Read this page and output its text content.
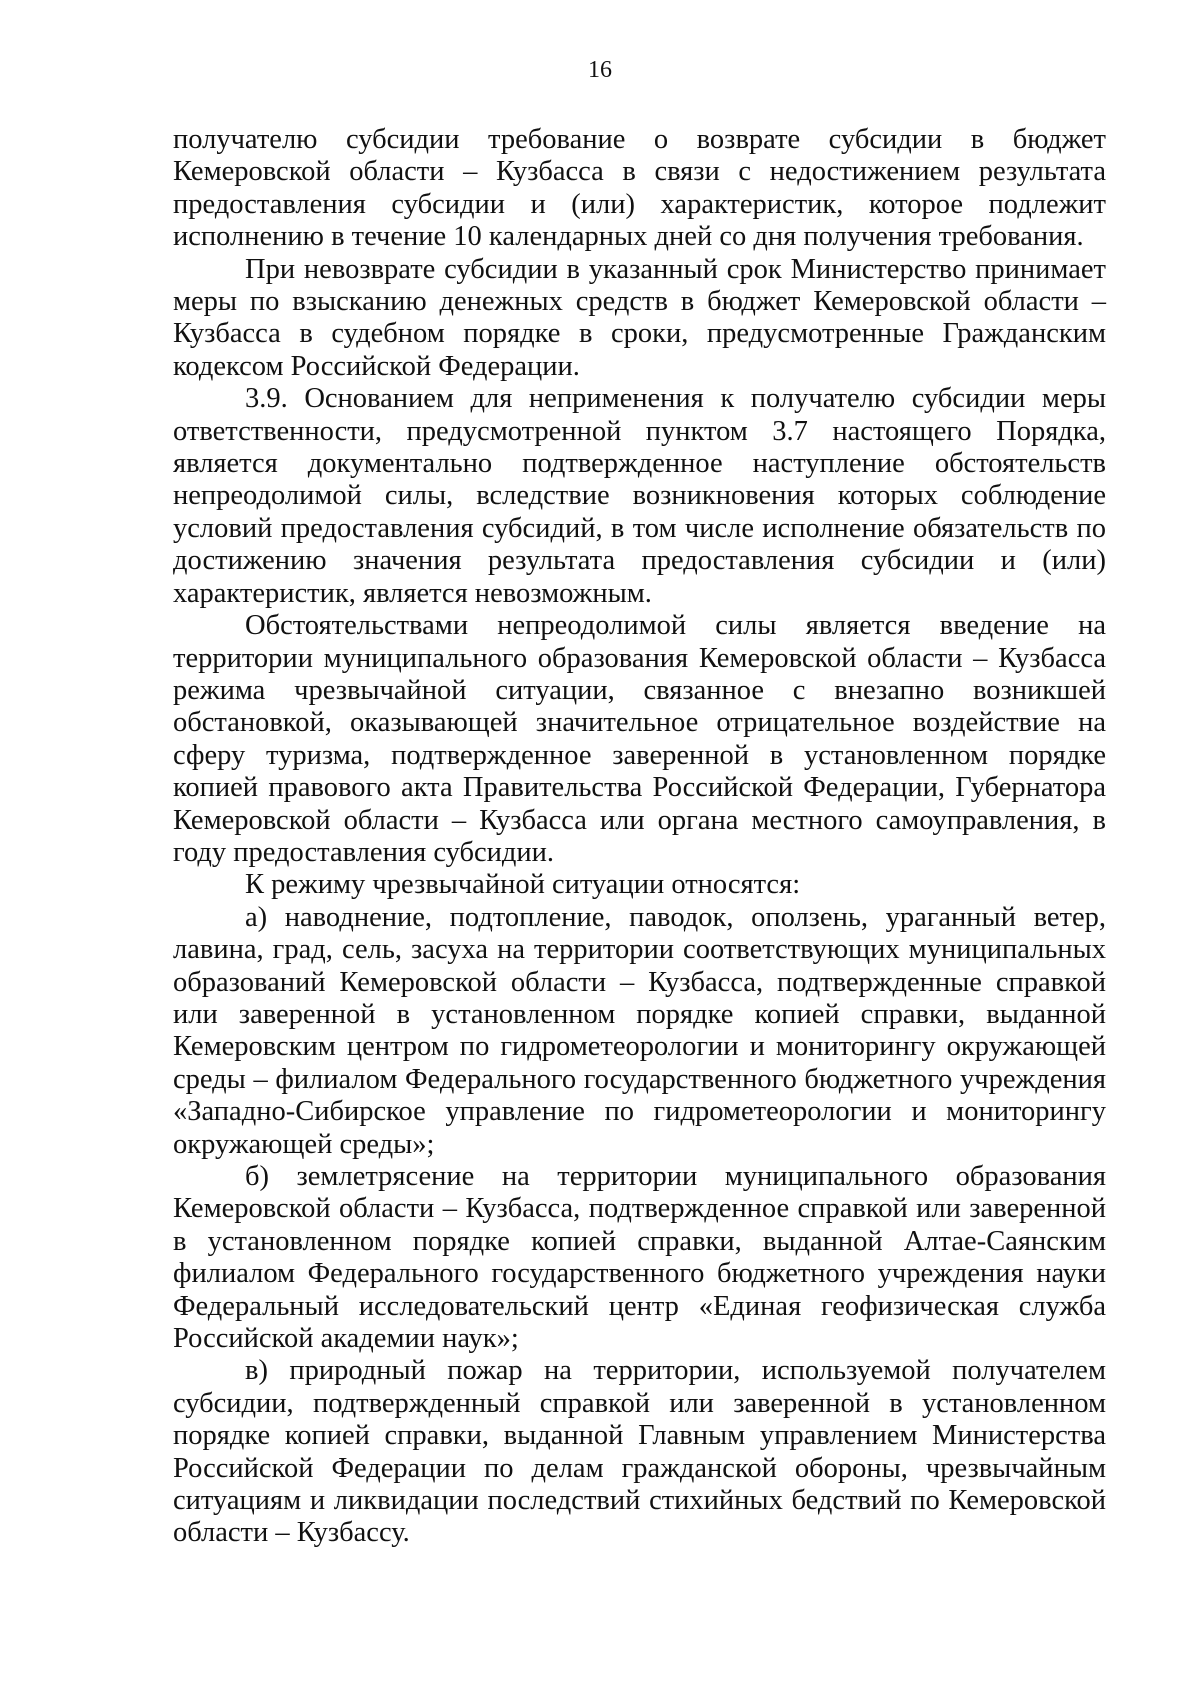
16

получателю субсидии требование о возврате субсидии в бюджет Кемеровской области – Кузбасса в связи с недостижением результата предоставления субсидии и (или) характеристик, которое подлежит исполнению в течение 10 календарных дней со дня получения требования.

При невозврате субсидии в указанный срок Министерство принимает меры по взысканию денежных средств в бюджет Кемеровской области – Кузбасса в судебном порядке в сроки, предусмотренные Гражданским кодексом Российской Федерации.

3.9. Основанием для неприменения к получателю субсидии меры ответственности, предусмотренной пунктом 3.7 настоящего Порядка, является документально подтвержденное наступление обстоятельств непреодолимой силы, вследствие возникновения которых соблюдение условий предоставления субсидий, в том числе исполнение обязательств по достижению значения результата предоставления субсидии и (или) характеристик, является невозможным.

Обстоятельствами непреодолимой силы является введение на территории муниципального образования Кемеровской области – Кузбасса режима чрезвычайной ситуации, связанное с внезапно возникшей обстановкой, оказывающей значительное отрицательное воздействие на сферу туризма, подтвержденное заверенной в установленном порядке копией правового акта Правительства Российской Федерации, Губернатора Кемеровской области – Кузбасса или органа местного самоуправления, в году предоставления субсидии.

К режиму чрезвычайной ситуации относятся:

а) наводнение, подтопление, паводок, оползень, ураганный ветер, лавина, град, сель, засуха на территории соответствующих муниципальных образований Кемеровской области – Кузбасса, подтвержденные справкой или заверенной в установленном порядке копией справки, выданной Кемеровским центром по гидрометеорологии и мониторингу окружающей среды – филиалом Федерального государственного бюджетного учреждения «Западно-Сибирское управление по гидрометеорологии и мониторингу окружающей среды»;

б) землетрясение на территории муниципального образования Кемеровской области – Кузбасса, подтвержденное справкой или заверенной в установленном порядке копией справки, выданной Алтае-Саянским филиалом Федерального государственного бюджетного учреждения науки Федеральный исследовательский центр «Единая геофизическая служба Российской академии наук»;

в) природный пожар на территории, используемой получателем субсидии, подтвержденный справкой или заверенной в установленном порядке копией справки, выданной Главным управлением Министерства Российской Федерации по делам гражданской обороны, чрезвычайным ситуациям и ликвидации последствий стихийных бедствий по Кемеровской области – Кузбассу.
